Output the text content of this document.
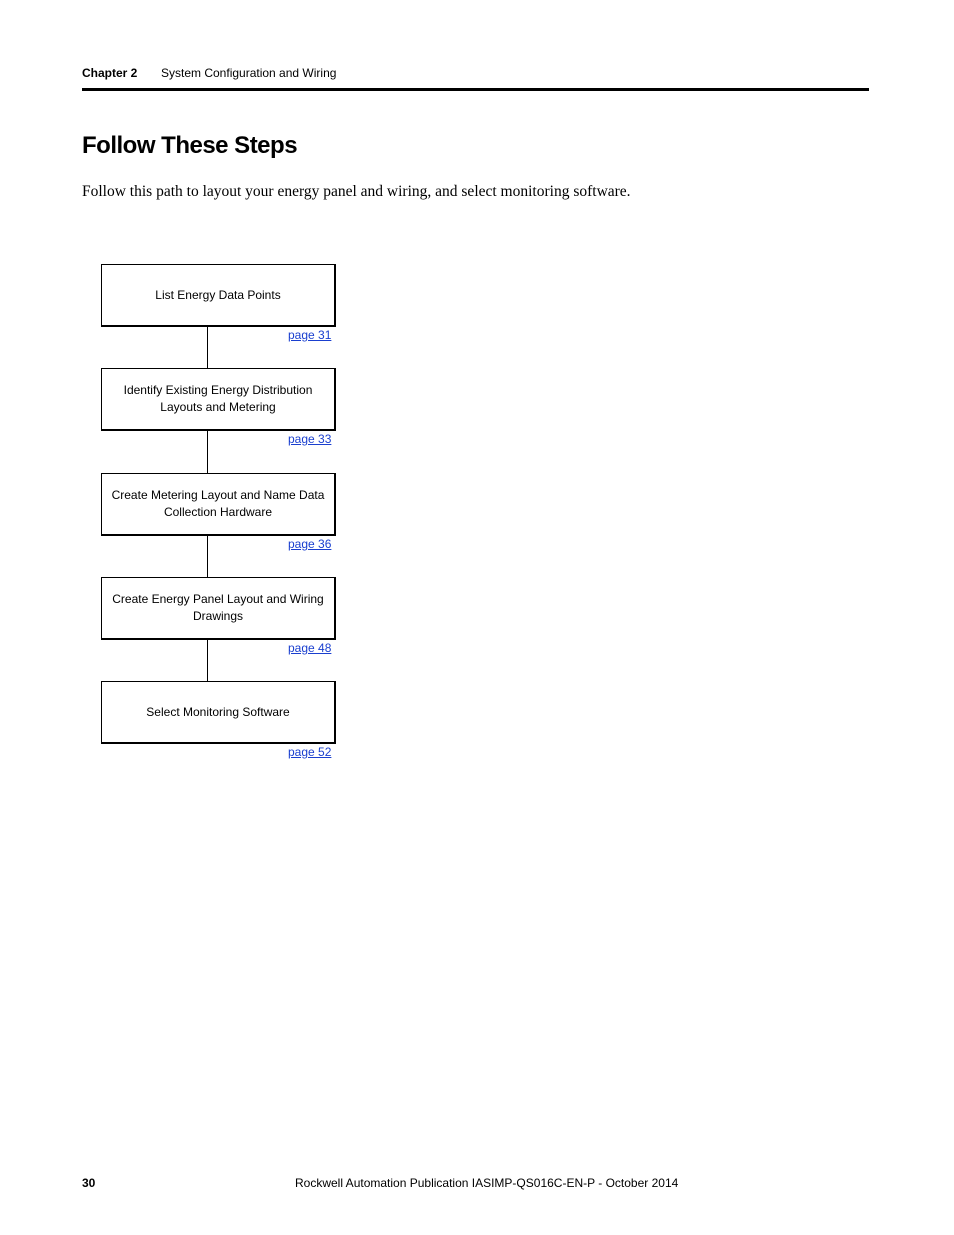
Chapter 2 System Configuration and Wiring
Follow These Steps

Follow this path to layout your energy panel and wiring, and select monitoring software.

List Energy Data Points
page 31
Identify Existing Energy Distribution Layouts and Metering
page 33
Create Metering Layout and Name Data Collection Hardware
page 36
Create Energy Panel Layout and Wiring Drawings
page 48
Select Monitoring Software
page 52
30	Rockwell Automation Publication IASIMP-QS016C-EN-P - October 2014
